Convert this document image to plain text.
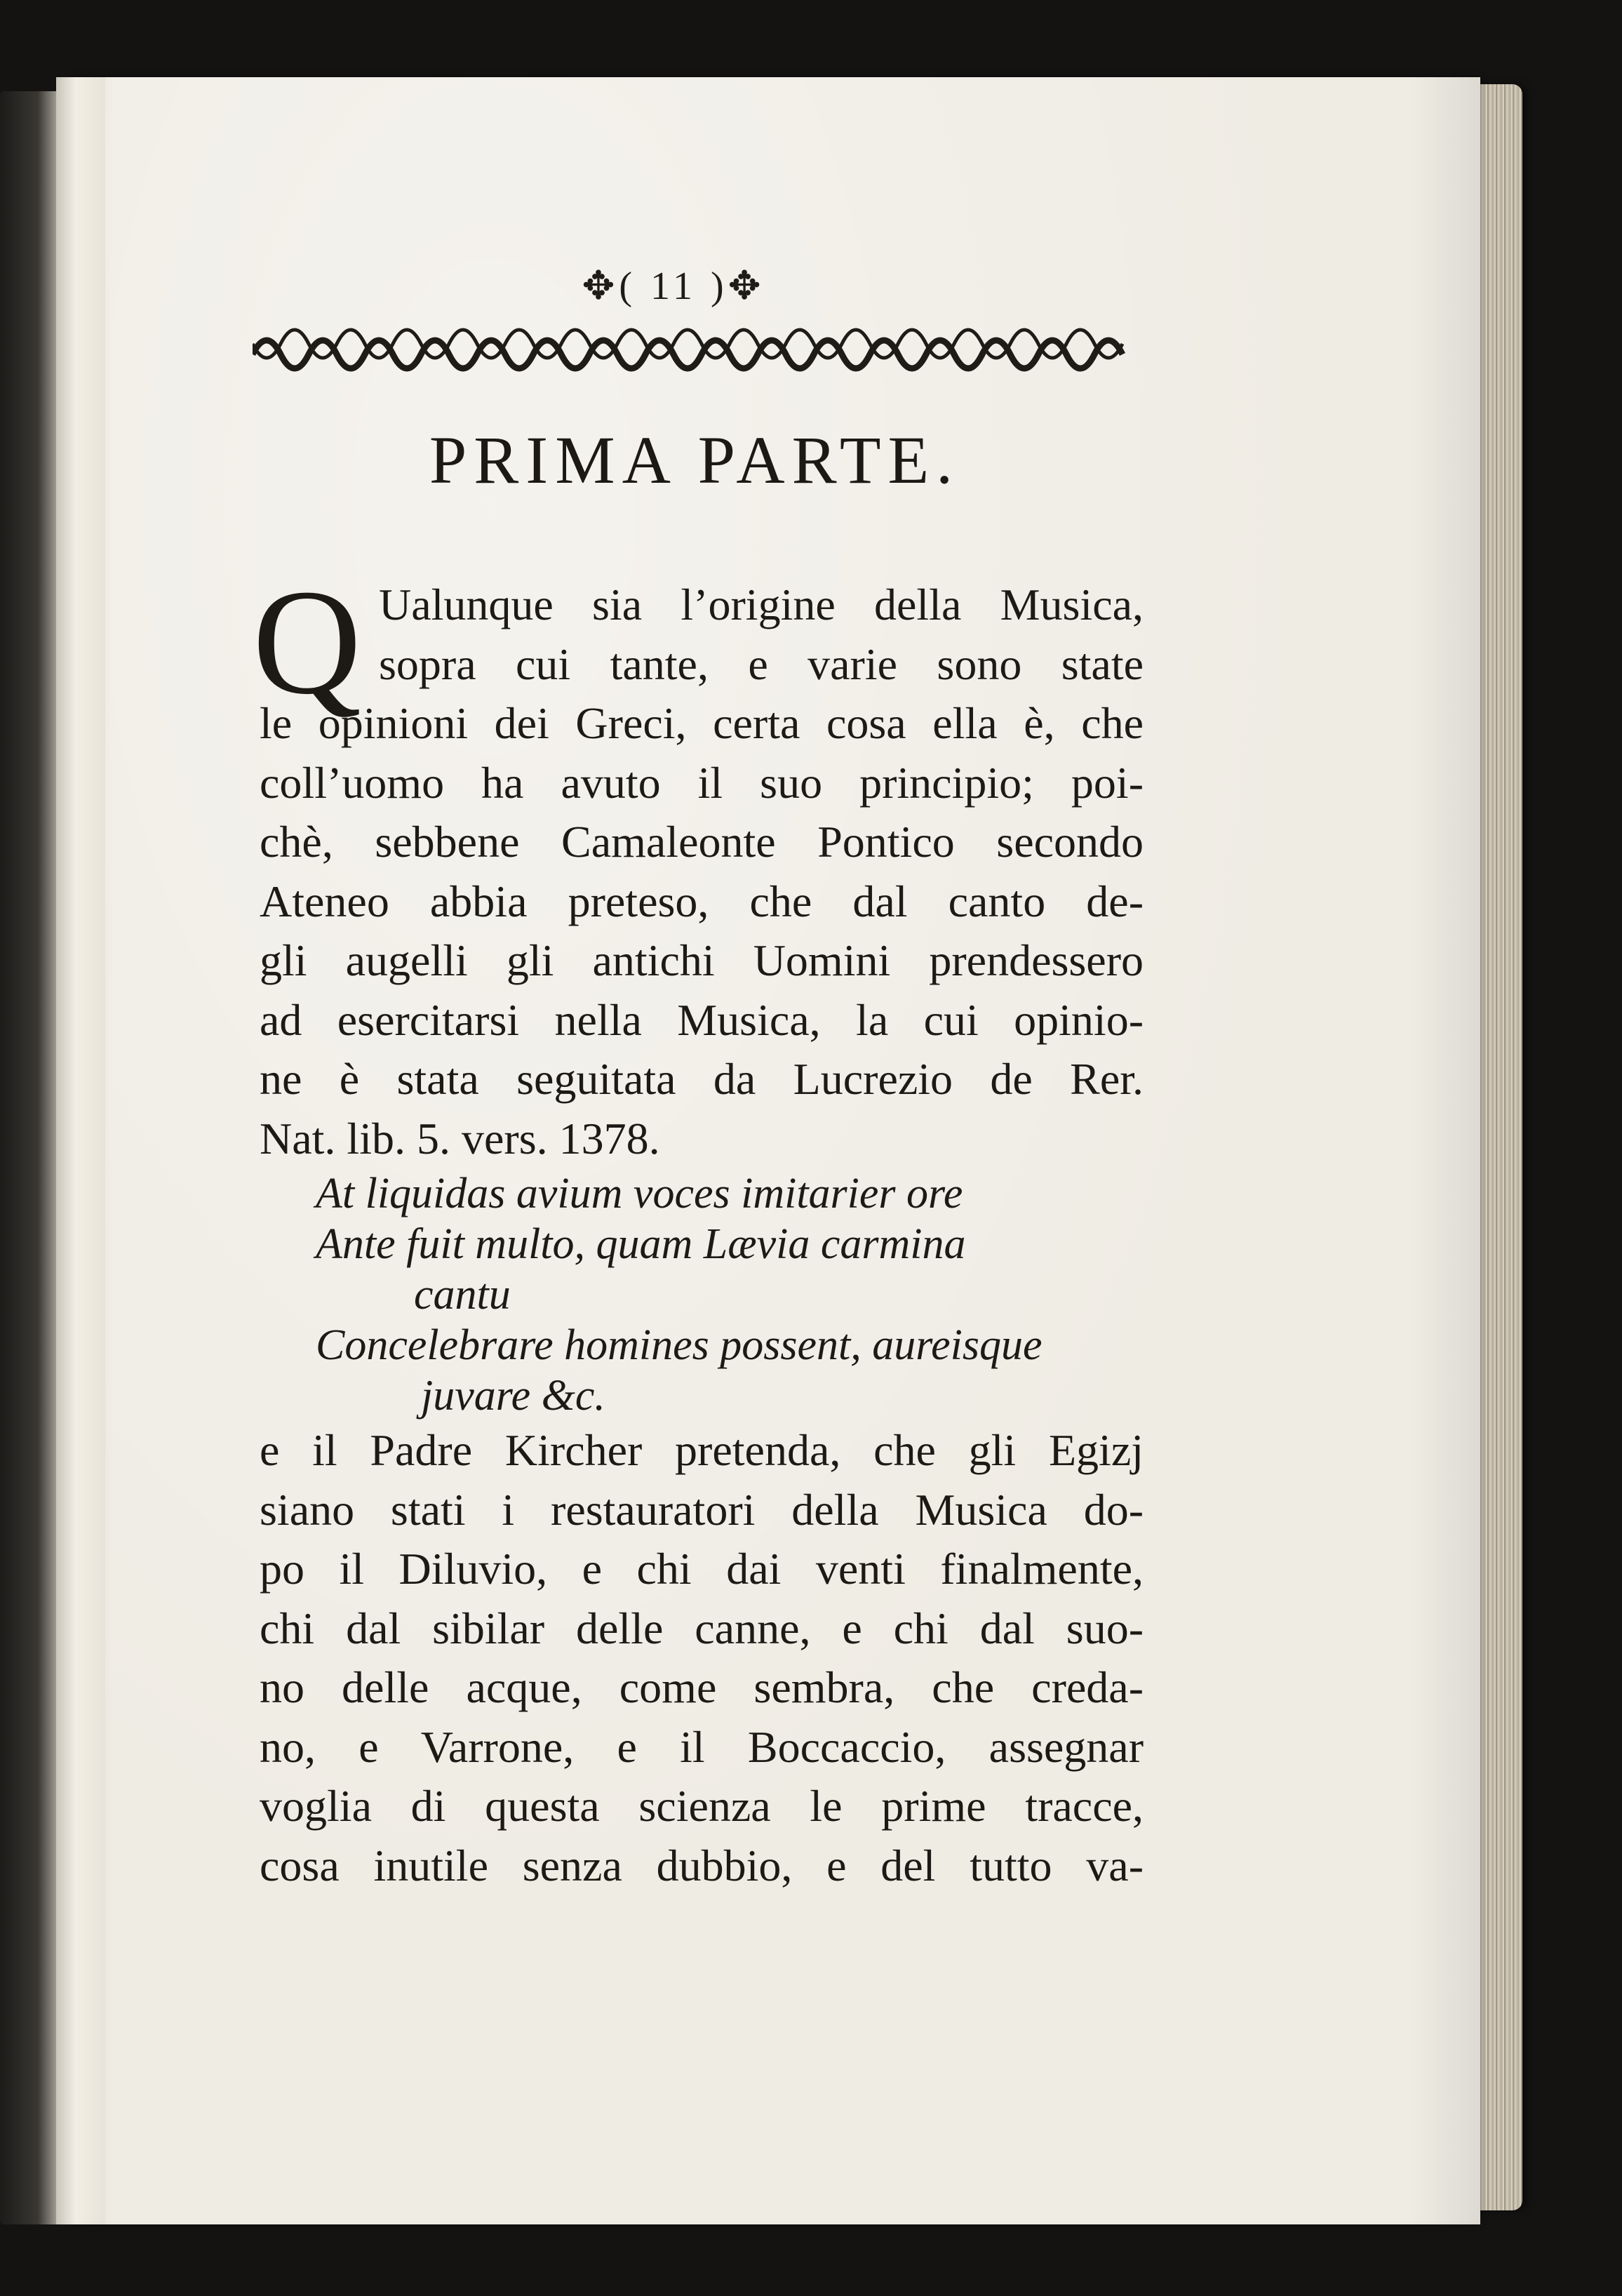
✥( 11 )✥
PRIMA PARTE.
Q Ualunque sia l’origine della Musica,
sopra cui tante, e varie sono state
le opinioni dei Greci, certa cosa ella è, che
coll’uomo ha avuto il suo principio; poi-
chè, sebbene Camaleonte Pontico secondo
Ateneo abbia preteso, che dal canto de-
gli augelli gli antichi Uomini prendessero
ad esercitarsi nella Musica, la cui opinio-
ne è stata seguitata da Lucrezio de Rer.
Nat. lib. 5. vers. 1378.
At liquidas avium voces imitarier ore
Ante fuit multo, quam Lævia carmina
cantu
Concelebrare homines possent, aureisque
juvare &c.
e il Padre Kircher pretenda, che gli Egizj
siano stati i restauratori della Musica do-
po il Diluvio, e chi dai venti finalmente,
chi dal sibilar delle canne, e chi dal suo-
no delle acque, come sembra, che creda-
no, e Varrone, e il Boccaccio, assegnar
voglia di questa scienza le prime tracce,
cosa inutile senza dubbio, e del tutto va-
